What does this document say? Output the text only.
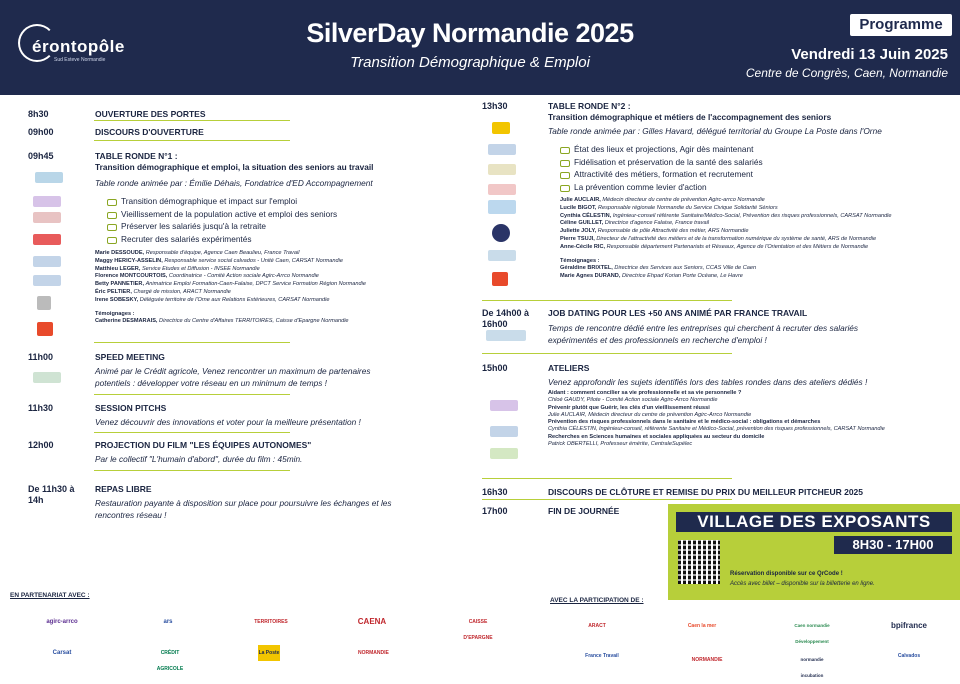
érontopôle
Sud Esteve Normandie
SilverDay Normandie 2025
Transition Démographique & Emploi
Programme
Vendredi 13 Juin 2025
Centre de Congrès, Caen, Normandie
8h30	OUVERTURE DES PORTES
09h00	DISCOURS D'OUVERTURE
09h45	TABLE RONDE N°1 :
Transition démographique et emploi, la situation des seniors au travail
Table ronde animée par : Émilie Déhais, Fondatrice d'ED Accompagnement
Transition démographique et impact sur l'emploi
Vieillissement de la population active et emploi des seniors
Préserver les salariés jusqu'à la retraite
Recruter des salariés expérimentés
Marie DESSOUDE, Responsable d'équipe, Agence Caen Beaulieu, France Travail
Maggy HERICY-ASSELIN, Responsable service social calvados - Unité Caen, CARSAT Normandie
Matthieu LEGER, Service Etudes et Diffusion - INSEE Normandie
Florence MONTCOURTOIS, Coordinatrice - Comité Action sociale Agirc-Arrco Normandie
Betty PANNETIER, Animatrice Emploi Formation-Caen-Falaise, DPCT Service Formation Région Normandie
Éric PELTIER, Chargé de mission, ARACT Normandie
Irene SOBESKY, Déléguée territoire de l'Orne aux Relations Extérieures, CARSAT Normandie
Témoignages :
Catherine DESMARAIS, Directrice du Centre d'Affaires TERRITOIRES, Caisse d'Epargne Normandie
11h00	SPEED MEETING
Animé par le Crédit agricole, Venez rencontrer un maximum de partenaires potentiels : développer votre réseau en un minimum de temps !
11h30	SESSION PITCHS
Venez découvrir des innovations et voter pour la meilleure présentation !
12h00	PROJECTION DU FILM "LES ÉQUIPES AUTONOMES"
Par le collectif "L'humain d'abord", durée du film : 45min.
De 11h30 à 14h
REPAS LIBRE
Restauration payante à disposition sur place pour poursuivre les échanges et les rencontres réseau !
13h30	TABLE RONDE N°2 :
Transition démographique et métiers de l'accompagnement des seniors
Table ronde animée par : Gilles Havard, délégué territorial du Groupe La Poste dans l'Orne
État des lieux et projections, Agir dès maintenant
Fidélisation et préservation de la santé des salariés
Attractivité des métiers, formation et recrutement
La prévention comme levier d'action
Julie AUCLAIR, Médecin directeur du centre de prévention Agirc-arrco Normandie
Lucile BIGOT, Responsable régionale Normandie du Service Civique Solidarité Séniors
Cynthia CÉLESTIN, Ingénieur-conseil référente Sanitaire/Médico-Social, Prévention des risques professionnels, CARSAT Normandie
Céline GUILLET, Directrice d'agence Falaise, France travail
Juliette JOLY, Responsable de pôle Attractivité des métier, ARS Normandie
Pierre TSUJI, Directeur de l'attractivité des métiers et de la transformation numérique du système de santé, ARS de Normandie
Anne-Cécile RIC, Responsable département Partenariats et Réseaux, Agence de l'Orientation et des Métiers de Normandie
Témoignages :
Géraldine BRIXTEL, Directrice des Services aux Seniors, CCAS Ville de Caen
Marie Agnes DURAND, Directrice Ehpad Korian Porte Océane, Le Havre
De 14h00 à 16h00
JOB DATING POUR LES +50 ANS ANIMÉ PAR FRANCE TRAVAIL
Temps de rencontre dédié entre les entreprises qui cherchent à recruter des salariés expérimentés et des professionnels en recherche d'emploi !
15h00	ATELIERS
Venez approfondir les sujets identifiés lors des tables rondes dans des ateliers dédiés !
Aidant : comment concilier sa vie professionnelle et sa vie personnelle ?
Chloé GAUDY, Pilote - Comité Action sociale Agirc-Arrco Normandie
Prévenir plutôt que Guérir, les clés d'un vieillissement réussi
Julie AUCLAIR, Médecin directeur du centre de prévention Agirc-Arrco Normandie
Prévention des risques professionnels dans le sanitaire et le médico-social : obligations et démarches
Cynthia CÉLESTIN, Ingénieur-conseil, référente Sanitaire et Médico-Social, prévention des risques professionnels, CARSAT Normandie
Recherches en Sciences humaines et sociales appliquées au secteur du domicile
Patrick OBERTELLI, Professeur émérite, CentraleSupélec
16h30	DISCOURS DE CLÔTURE ET REMISE DU PRIX DU MEILLEUR PITCHEUR 2025
17h00	FIN DE JOURNÉE
VILLAGE DES EXPOSANTS
8H30 - 17H00
Réservation disponible sur ce QrCode !
Accès avec billet – disponible sur la billetterie en ligne.
EN PARTENARIAT AVEC :
AVEC LA PARTICIPATION DE :
agirc-arrco	ars	TERRITOIRES	CAENA	CAISSE D'EPARGNE
Carsat	CRÉDIT AGRICOLE
La Poste	NORMANDIE
ARACT	Caen la mer	Caen normandie Développement
bpifrance
France Travail
NORMANDIE	normandie incubation
Calvados
